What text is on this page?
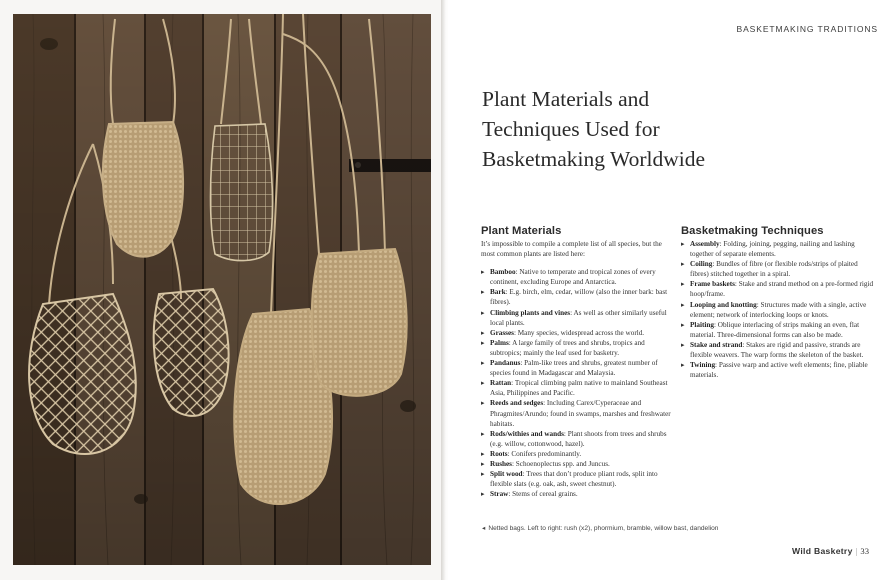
BASKETMAKING TRADITIONS
Plant Materials and
Techniques Used for
Basketmaking Worldwide
Plant Materials

It’s impossible to compile a complete list of all species, but the most common plants are listed here:

▸ Bamboo: Native to temperate and tropical zones of every continent, excluding Europe and Antarctica.
▸ Bark: E.g. birch, elm, cedar, willow (also the inner bark: bast fibres).
▸ Climbing plants and vines: As well as other similarly useful local plants.
▸ Grasses: Many species, widespread across the world.
▸ Palms: A large family of trees and shrubs, tropics and subtropics; mainly the leaf used for basketry.
▸ Pandanus: Palm-like trees and shrubs, greatest number of species found in Madagascar and Malaysia.
▸ Rattan: Tropical climbing palm native to mainland Southeast Asia, Philippines and Pacific.
▸ Reeds and sedges: Including Carex/Cyperaceae and Phragmites/Arundo; found in swamps, marshes and freshwater habitats.
▸ Rods/withies and wands: Plant shoots from trees and shrubs (e.g. willow, cottonwood, hazel).
▸ Roots: Conifers predominantly.
▸ Rushes: Schoenoplectus spp. and Juncus.
▸ Split wood: Trees that don’t produce pliant rods, split into flexible slats (e.g. oak, ash, sweet chestnut).
▸ Straw: Stems of cereal grains.
Basketmaking Techniques
▸ Assembly: Folding, joining, pegging, nailing and lashing together of separate elements.
▸ Coiling: Bundles of fibre (or flexible rods/strips of plaited fibres) stitched together in a spiral.
▸ Frame baskets: Stake and strand method on a pre-formed rigid hoop/frame.
▸ Looping and knotting: Structures made with a single, active element; network of interlocking loops or knots.
▸ Plaiting: Oblique interlacing of strips making an even, flat material. Three-dimensional forms can also be made.
▸ Stake and strand: Stakes are rigid and passive, strands are flexible weavers. The warp forms the skeleton of the basket.
▸ Twining: Passive warp and active weft elements; fine, pliable materials.
◂ Netted bags. Left to right: rush (x2), phormium, bramble, willow bast, dandelion
Wild Basketry | 33
